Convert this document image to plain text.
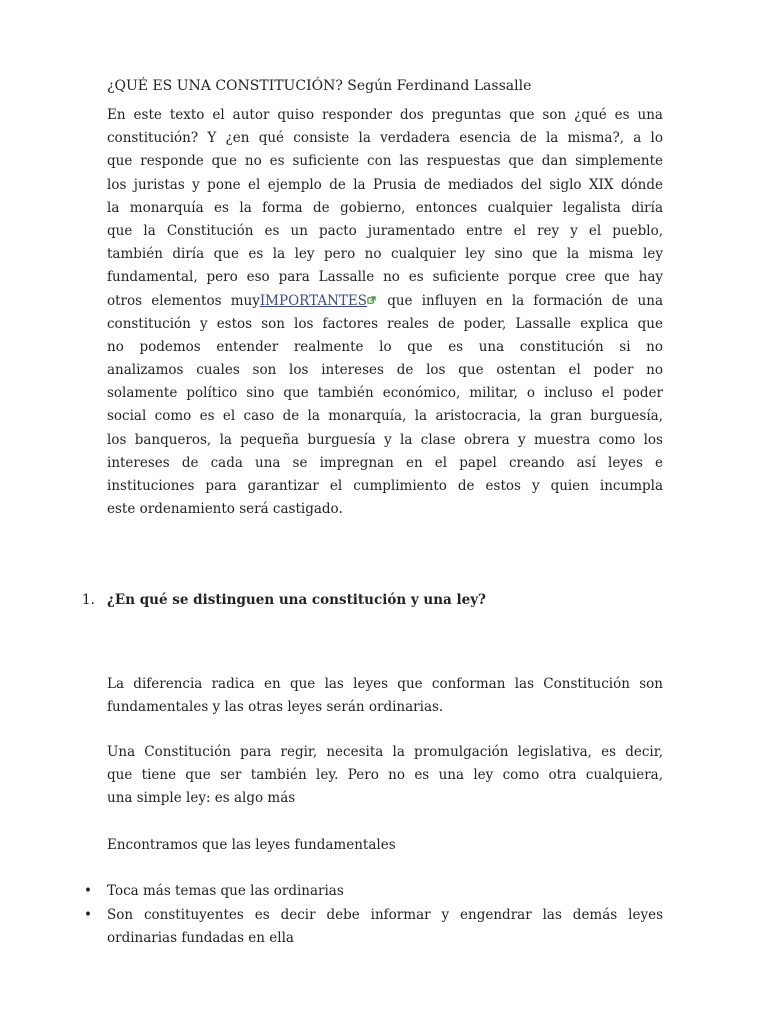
¿QUÉ ES UNA CONSTITUCIÓN? Según Ferdinand Lassalle
En este texto el autor quiso responder dos preguntas que son ¿qué es una
constitución? Y ¿en qué consiste la verdadera esencia de la misma?, a lo
que responde que no es suficiente con las respuestas que dan simplemente
los juristas y pone el ejemplo de la Prusia de mediados del siglo XIX dónde
la monarquía es la forma de gobierno, entonces cualquier legalista diría
que la Constitución es un pacto juramentado entre el rey y el pueblo,
también diría que es la ley pero no cualquier ley sino que la misma ley
fundamental, pero eso para Lassalle no es suficiente porque cree que hay
otros elementos muyIMPORTANTES que influyen en la formación de una
constitución y estos son los factores reales de poder, Lassalle explica que
no podemos entender realmente lo que es una constitución si no
analizamos cuales son los intereses de los que ostentan el poder no
solamente político sino que también económico, militar, o incluso el poder
social como es el caso de la monarquía, la aristocracia, la gran burguesía,
los banqueros, la pequeña burguesía y la clase obrera y muestra como los
intereses de cada una se impregnan en el papel creando así leyes e
instituciones para garantizar el cumplimiento de estos y quien incumpla
este ordenamiento será castigado.
1. ¿En qué se distinguen una constitución y una ley?
La diferencia radica en que las leyes que conforman las Constitución son
fundamentales y las otras leyes serán ordinarias.
Una Constitución para regir, necesita la promulgación legislativa, es decir,
que tiene que ser también ley. Pero no es una ley como otra cualquiera,
una simple ley: es algo más
Encontramos que las leyes fundamentales
• Toca más temas que las ordinarias
• Son constituyentes es decir debe informar y engendrar las demás leyes
ordinarias fundadas en ella
